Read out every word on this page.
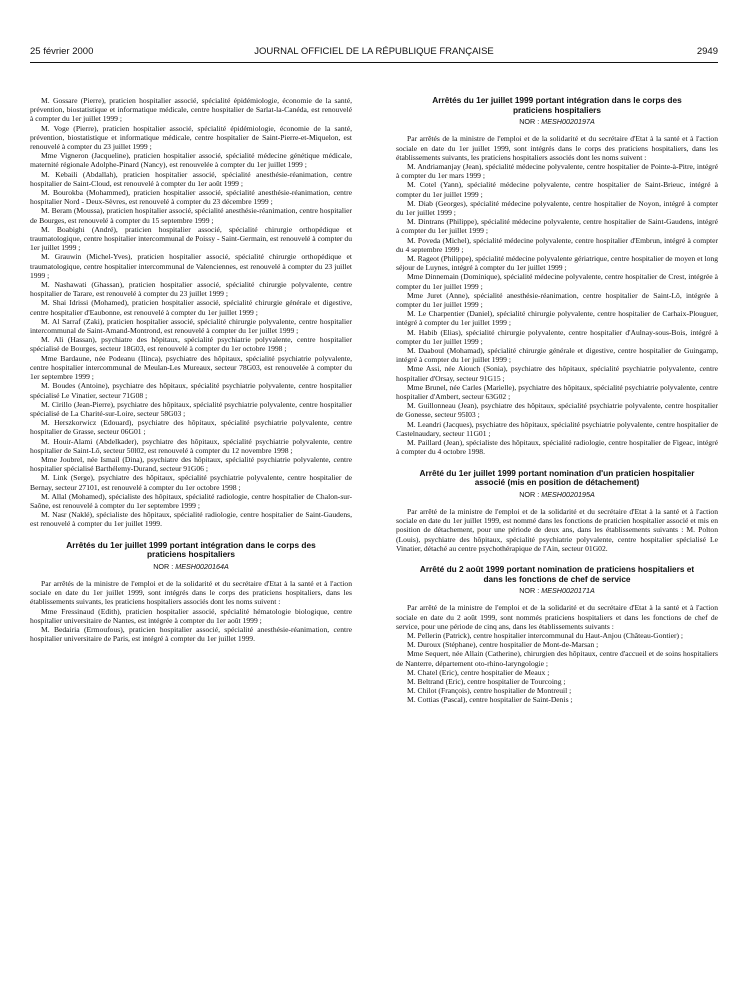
25 février 2000	JOURNAL OFFICIEL DE LA RÉPUBLIQUE FRANÇAISE	2949

M. Gossare (Pierre), praticien hospitalier associé, spécialité épidémiologie, économie de la santé, prévention, biostatistique et informatique médicale, centre hospitalier de Sarlat-la-Canéda, est renouvelé à compter du 1er juillet 1999 ;

M. Voge (Pierre), praticien hospitalier associé, spécialité épidémiologie, économie de la santé, prévention, biostatistique et informatique médicale, centre hospitalier de Saint-Pierre-et-Miquelon, est renouvelé à compter du 23 juillet 1999 ;

Mme Vigneron (Jacqueline), praticien hospitalier associé, spécialité médecine génétique médicale, maternité régionale Adolphe-Pinard (Nancy), est renouvelée à compter du 1er juillet 1999 ;

M. Kebaili (Abdallah), praticien hospitalier associé, spécialité anesthésie-réanimation, centre hospitalier de Saint-Cloud, est renouvelé à compter du 1er août 1999 ;

M. Bourokba (Mohammed), praticien hospitalier associé, spécialité anesthésie-réanimation, centre hospitalier Nord - Deux-Sèvres, est renouvelé à compter du 23 décembre 1999 ;

M. Beram (Moussa), praticien hospitalier associé, spécialité anesthésie-réanimation, centre hospitalier de Bourges, est renouvelé à compter du 15 septembre 1999 ;

M. Boabighi (André), praticien hospitalier associé, spécialité chirurgie orthopédique et traumatologique, centre hospitalier intercommunal de Poissy - Saint-Germain, est renouvelé à compter du 1er juillet 1999 ;

M. Grauwin (Michel-Yves), praticien hospitalier associé, spécialité chirurgie orthopédique et traumatologique, centre hospitalier intercommunal de Valenciennes, est renouvelé à compter du 23 juillet 1999 ;

M. Nashawati (Ghassan), praticien hospitalier associé, spécialité chirurgie polyvalente, centre hospitalier de Tarare, est renouvelé à compter du 23 juillet 1999 ;

M. Shai Idrissi (Mohamed), praticien hospitalier associé, spécialité chirurgie générale et digestive, centre hospitalier d'Eaubonne, est renouvelé à compter du 1er juillet 1999 ;

M. Al Sarraf (Zaki), praticien hospitalier associé, spécialité chirurgie polyvalente, centre hospitalier intercommunal de Saint-Amand-Montrond, est renouvelé à compter du 1er juillet 1999 ;

M. Ali (Hassan), psychiatre des hôpitaux, spécialité psychiatrie polyvalente, centre hospitalier spécialisé de Bourges, secteur 18G03, est renouvelé à compter du 1er octobre 1998 ;

Mme Bardaune, née Podeanu (Ilinca), psychiatre des hôpitaux, spécialité psychiatrie polyvalente, centre hospitalier intercommunal de Meulan-Les Mureaux, secteur 78G03, est renouvelée à compter du 1er septembre 1999 ;

M. Boudes (Antoine), psychiatre des hôpitaux, spécialité psychiatrie polyvalente, centre hospitalier spécialisé Le Vinatier, secteur 71G08 ;

M. Cirillo (Jean-Pierre), psychiatre des hôpitaux, spécialité psychiatrie polyvalente, centre hospitalier spécialisé de La Charité-sur-Loire, secteur 58G03 ;

M. Herszkorwicz (Edouard), psychiatre des hôpitaux, spécialité psychiatrie polyvalente, centre hospitalier de Grasse, secteur 06G01 ;

M. Houir-Alami (Abdelkader), psychiatre des hôpitaux, spécialité psychiatrie polyvalente, centre hospitalier de Saint-Lô, secteur 50l02, est renouvelé à compter du 12 novembre 1998 ;

Mme Joubrel, née Ismail (Dina), psychiatre des hôpitaux, spécialité psychiatrie polyvalente, centre hospitalier spécialisé Barthélemy-Durand, secteur 91G06 ;

M. Link (Serge), psychiatre des hôpitaux, spécialité psychiatrie polyvalente, centre hospitalier de Bernay, secteur 27101, est renouvelé à compter du 1er octobre 1998 ;

M. Allal (Mohamed), spécialiste des hôpitaux, spécialité radiologie, centre hospitalier de Chalon-sur-Saône, est renouvelé à compter du 1er septembre 1999 ;

M. Nasr (Naklé), spécialiste des hôpitaux, spécialité radiologie, centre hospitalier de Saint-Gaudens, est renouvelé à compter du 1er juillet 1999.

Arrêtés du 1er juillet 1999 portant intégration dans le corps des praticiens hospitaliers
NOR : MESH0020164A

Par arrêtés de la ministre de l'emploi et de la solidarité et du secrétaire d'Etat à la santé et à l'action sociale en date du 1er juillet 1999, sont intégrés dans le corps des praticiens hospitaliers, dans les établissements suivants, les praticiens hospitaliers associés dont les noms suivent :

Mme Fressinaud (Edith), praticien hospitalier associé, spécialité hématologie biologique, centre hospitalier universitaire de Nantes, est intégrée à compter du 1er août 1999 ;

M. Bedairia (Ermoufous), praticien hospitalier associé, spécialité anesthésie-réanimation, centre hospitalier universitaire de Paris, est intégré à compter du 1er juillet 1999.

Arrêtés du 1er juillet 1999 portant intégration dans le corps des praticiens hospitaliers
NOR : MESH0020197A

Par arrêtés de la ministre de l'emploi et de la solidarité et du secrétaire d'Etat à la santé et à l'action sociale en date du 1er juillet 1999, sont intégrés dans le corps des praticiens hospitaliers, dans les établissements suivants, les praticiens hospitaliers associés dont les noms suivent :

M. Andriamanjay (Jean), spécialité médecine polyvalente, centre hospitalier de Pointe-à-Pitre, intégré à compter du 1er mars 1999 ;

M. Cotel (Yann), spécialité médecine polyvalente, centre hospitalier de Saint-Brieuc, intégré à compter du 1er juillet 1999 ;

M. Diab (Georges), spécialité médecine polyvalente, centre hospitalier de Noyon, intégré à compter du 1er juillet 1999 ;

M. Dintrans (Philippe), spécialité médecine polyvalente, centre hospitalier de Saint-Gaudens, intégré à compter du 1er juillet 1999 ;

M. Poveda (Michel), spécialité médecine polyvalente, centre hospitalier d'Embrun, intégré à compter du 4 septembre 1999 ;

M. Rageot (Philippe), spécialité médecine polyvalente gériatrique, centre hospitalier de moyen et long séjour de Luynes, intégré à compter du 1er juillet 1999 ;

Mme Dinnemain (Dominique), spécialité médecine polyvalente, centre hospitalier de Crest, intégrée à compter du 1er juillet 1999 ;

Mme Juret (Anne), spécialité anesthésie-réanimation, centre hospitalier de Saint-Lô, intégrée à compter du 1er juillet 1999 ;

M. Le Charpentier (Daniel), spécialité chirurgie polyvalente, centre hospitalier de Carhaix-Plouguer, intégré à compter du 1er juillet 1999 ;

M. Habib (Elias), spécialité chirurgie polyvalente, centre hospitalier d'Aulnay-sous-Bois, intégré à compter du 1er juillet 1999 ;

M. Daaboul (Mohamad), spécialité chirurgie générale et digestive, centre hospitalier de Guingamp, intégré à compter du 1er juillet 1999 ;

Mme Assi, née Aiouch (Sonia), psychiatre des hôpitaux, spécialité psychiatrie polyvalente, centre hospitalier d'Orsay, secteur 91G15 ;

Mme Brunel, née Carles (Marielle), psychiatre des hôpitaux, spécialité psychiatrie polyvalente, centre hospitalier d'Ambert, secteur 63G02 ;

M. Guillonneau (Jean), psychiatre des hôpitaux, spécialité psychiatrie polyvalente, centre hospitalier de Gonesse, secteur 95I03 ;

M. Leandri (Jacques), psychiatre des hôpitaux, spécialité psychiatrie polyvalente, centre hospitalier de Castelnaudary, secteur 11G01 ;

M. Paillard (Jean), spécialiste des hôpitaux, spécialité radiologie, centre hospitalier de Figeac, intégré à compter du 4 octobre 1998.

Arrêté du 1er juillet 1999 portant nomination d'un praticien hospitalier associé (mis en position de détachement)
NOR : MESH0020195A

Par arrêté de la ministre de l'emploi et de la solidarité et du secrétaire d'Etat à la santé et à l'action sociale en date du 1er juillet 1999, est nommé dans les fonctions de praticien hospitalier associé et mis en position de détachement, pour une période de deux ans, dans les établissements suivants : M. Polton (Louis), psychiatre des hôpitaux, spécialité psychiatrie polyvalente, centre hospitalier spécialisé Le Vinatier, détaché au centre psychothérapique de l'Ain, secteur 01G02.

Arrêté du 2 août 1999 portant nomination de praticiens hospitaliers et dans les fonctions de chef de service
NOR : MESH0020171A

Par arrêté de la ministre de l'emploi et de la solidarité et du secrétaire d'Etat à la santé et à l'action sociale en date du 2 août 1999, sont nommés praticiens hospitaliers et dans les fonctions de chef de service, pour une période de cinq ans, dans les établissements suivants :

M. Pellerin (Patrick), centre hospitalier intercommunal du Haut-Anjou (Château-Gontier) ;

M. Duroux (Stéphane), centre hospitalier de Mont-de-Marsan ;

Mme Sequert, née Allain (Catherine), chirurgien des hôpitaux, centre d'accueil et de soins hospitaliers de Nanterre, département oto-rhino-laryngologie ;

M. Chatel (Eric), centre hospitalier de Meaux ;

M. Beltrand (Eric), centre hospitalier de Tourcoing ;

M. Chilot (François), centre hospitalier de Montreuil ;

M. Cottias (Pascal), centre hospitalier de Saint-Denis ;
